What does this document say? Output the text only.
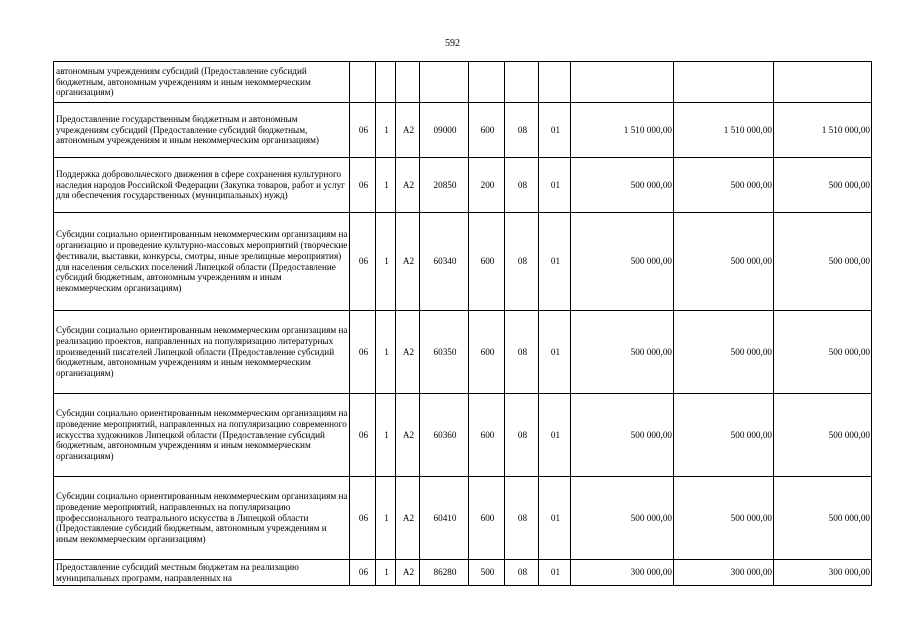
592
автономным учреждениям субсидий (Предоставление субсидий бюджетным, автономным учреждениям и иным некоммерческим организациям)										
Предоставление государственным бюджетным и автономным учреждениям субсидий (Предоставление субсидий бюджетным, автономным учреждениям и иным некоммерческим организациям)	06	1	А2	09000	600	08	01	1 510 000,00	1 510 000,00	1 510 000,00
Поддержка добровольческого движения в сфере сохранения культурного наследия народов Российской Федерации (Закупка товаров, работ и услуг для обеспечения государственных (муниципальных) нужд)	06	1	А2	20850	200	08	01	500 000,00	500 000,00	500 000,00
Субсидии социально ориентированным некоммерческим организациям на организацию и проведение культурно-массовых мероприятий (творческие фестивали, выставки, конкурсы, смотры, иные зрелищные мероприятия) для населения сельских поселений Липецкой области (Предоставление субсидий бюджетным, автономным учреждениям и иным некоммерческим организациям)	06	1	А2	60340	600	08	01	500 000,00	500 000,00	500 000,00
Субсидии социально ориентированным некоммерческим организациям на реализацию проектов, направленных на популяризацию литературных произведений писателей Липецкой области (Предоставление субсидий бюджетным, автономным учреждениям и иным некоммерческим организациям)	06	1	А2	60350	600	08	01	500 000,00	500 000,00	500 000,00
Субсидии социально ориентированным некоммерческим организациям на проведение мероприятий, направленных на популяризацию современного искусства художников Липецкой области (Предоставление субсидий бюджетным, автономным учреждениям и иным некоммерческим организациям)	06	1	А2	60360	600	08	01	500 000,00	500 000,00	500 000,00
Субсидии социально ориентированным некоммерческим организациям на проведение мероприятий, направленных на популяризацию профессионального театрального искусства в Липецкой области (Предоставление субсидий бюджетным, автономным учреждениям и иным некоммерческим организациям)	06	1	А2	60410	600	08	01	500 000,00	500 000,00	500 000,00
Предоставление субсидий местным бюджетам на реализацию муниципальных программ, направленных на	06	1	А2	86280	500	08	01	300 000,00	300 000,00	300 000,00
